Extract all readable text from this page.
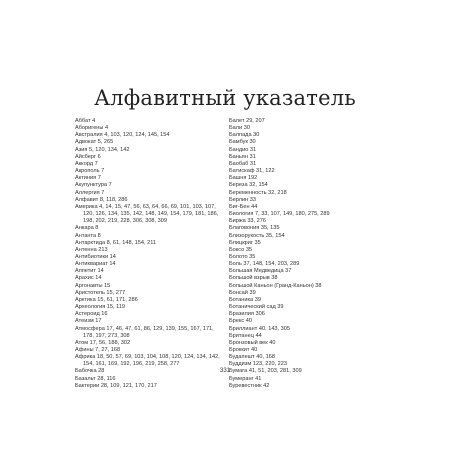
Алфавитный указатель
Аббат 4
Аборигены 4
Австралия 4, 103, 120, 124, 145, 154
Адвокат 5, 265
Азия 5, 120, 134, 142
Айсберг 6
Аккорд 7
Акрополь 7
Актиния 7
Акупунктура 7
Аллергия 7
Алфавит 8, 118, 286
Америка 4, 14, 15, 47, 56, 63, 64, 66, 69, 101, 103, 107, 120, 126, 134, 135, 142, 148, 149, 154, 179, 181, 186, 198, 202, 219, 228, 306, 308, 309
Анкара 8
Антанта 8
Антарктида 8, 61, 148, 154, 211
Антенна 213
Антибиотики 14
Антиквариат 14
Аппетит 14
Арахис 14
Аргонавты 15
Аристотель 15, 277
Арктика 15, 61, 171, 286
Археология 15, 119
Астероид 16
Атеизм 17
Атмосфера 17, 46, 47, 61, 86, 129, 139, 155, 167, 171, 178, 197, 273, 308
Атом 17, 56, 188, 302
Афины 7, 27, 168
Африка 18, 50, 57, 69, 103, 104, 108, 120, 124, 134, 142, 154, 161, 169, 192, 196, 219, 258, 277
Бабочка 28
Базальт 28, 116
Бактерии 28, 109, 121, 170, 217
Балет 29, 207
Бали 30
Балпада 30
Бамбук 30
Бандио 31
Баньян 31
Баобаб 31
Батискаф 31, 122
Башня 192
Береза 32, 154
Беременность 32, 218
Берлин 33
Биг-Бен 44
Биология 7, 33, 107, 149, 180, 275, 289
Биржа 33, 276
Благовония 35, 135
Близорукость 35, 154
Блицкриг 35
Боксо 35
Болото 35
Боль 37, 148, 154, 203, 289
Большая Медведица 37
Большой взрыв 38
Большой Каньон (Гранд-Каньон) 38
Бонсай 39
Ботаника 39
Ботанический сад 39
Бразилия 306
Брекс 40
Бриллиант 40, 143, 305
Британец 44
Бронзовый век 40
Броккит 40
Будапешт 40, 168
Буддизм 123, 220, 223
Бумага 41, 51, 203, 281, 309
Бумеранг 41
Буревестник 42
331
